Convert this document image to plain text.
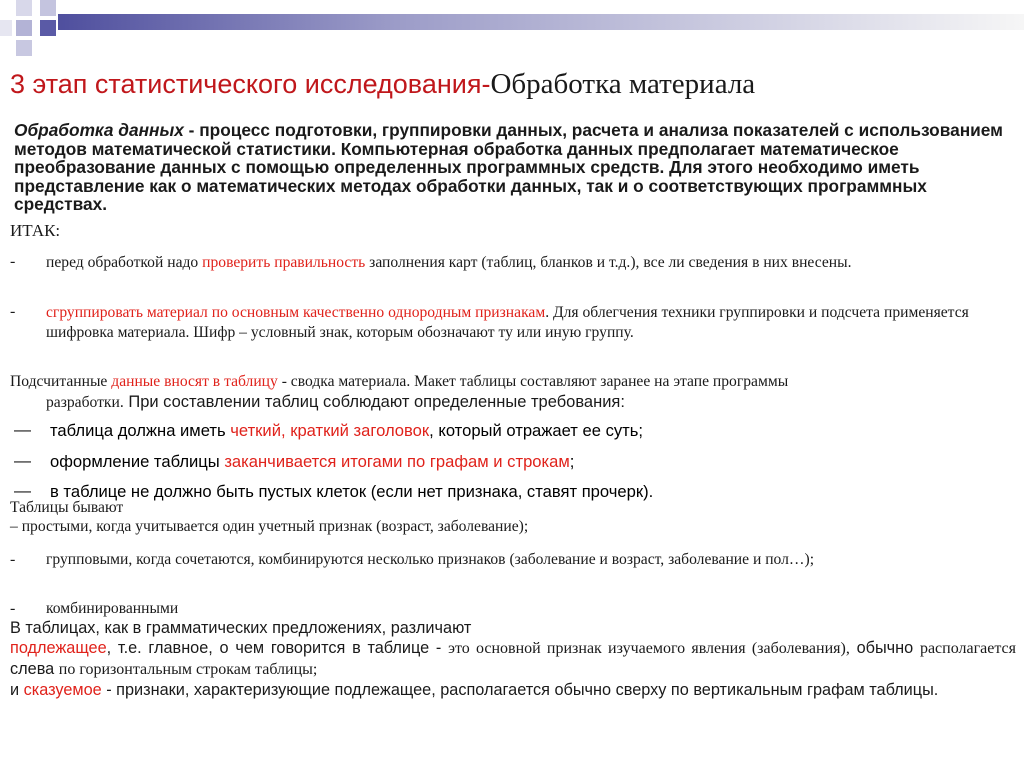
3 этап статистического исследования-Обработка материала
Обработка данных - процесс подготовки, группировки данных, расчета и анализа показателей с использованием методов математической статистики. Компьютерная обработка данных предполагает математическое преобразование данных с помощью определенных программных средств. Для этого необходимо иметь представление как о математических методах обработки данных, так и о соответствующих программных средствах.
ИТАК:
- перед обработкой надо проверить правильность заполнения карт (таблиц, бланков и т.д.), все ли сведения в них внесены.
- сгруппировать материал по основным качественно однородным признакам. Для облегчения техники группировки и подсчета применяется шифровка материала. Шифр – условный знак, которым обозначают ту или иную группу.
Подсчитанные данные вносят в таблицу - сводка материала. Макет таблицы составляют заранее на этапе программы
разработки. При составлении таблиц соблюдают определенные требования:
— таблица должна иметь четкий, краткий заголовок, который отражает ее суть;
— оформление таблицы заканчивается итогами по графам и строкам;
— в таблице не должно быть пустых клеток (если нет признака, ставят прочерк).
Таблицы бывают
– простыми, когда учитывается один учетный признак (возраст, заболевание);
- групповыми, когда сочетаются, комбинируются несколько признаков (заболевание и возраст, заболевание и пол…);
- комбинированными
В таблицах, как в грамматических предложениях, различают
подлежащее, т.е. главное, о чем говорится в таблице - это основной признак изучаемого явления (заболевания), обычно располагается слева по горизонтальным строкам таблицы;
и сказуемое - признаки, характеризующие подлежащее, располагается обычно сверху по вертикальным графам таблицы.
